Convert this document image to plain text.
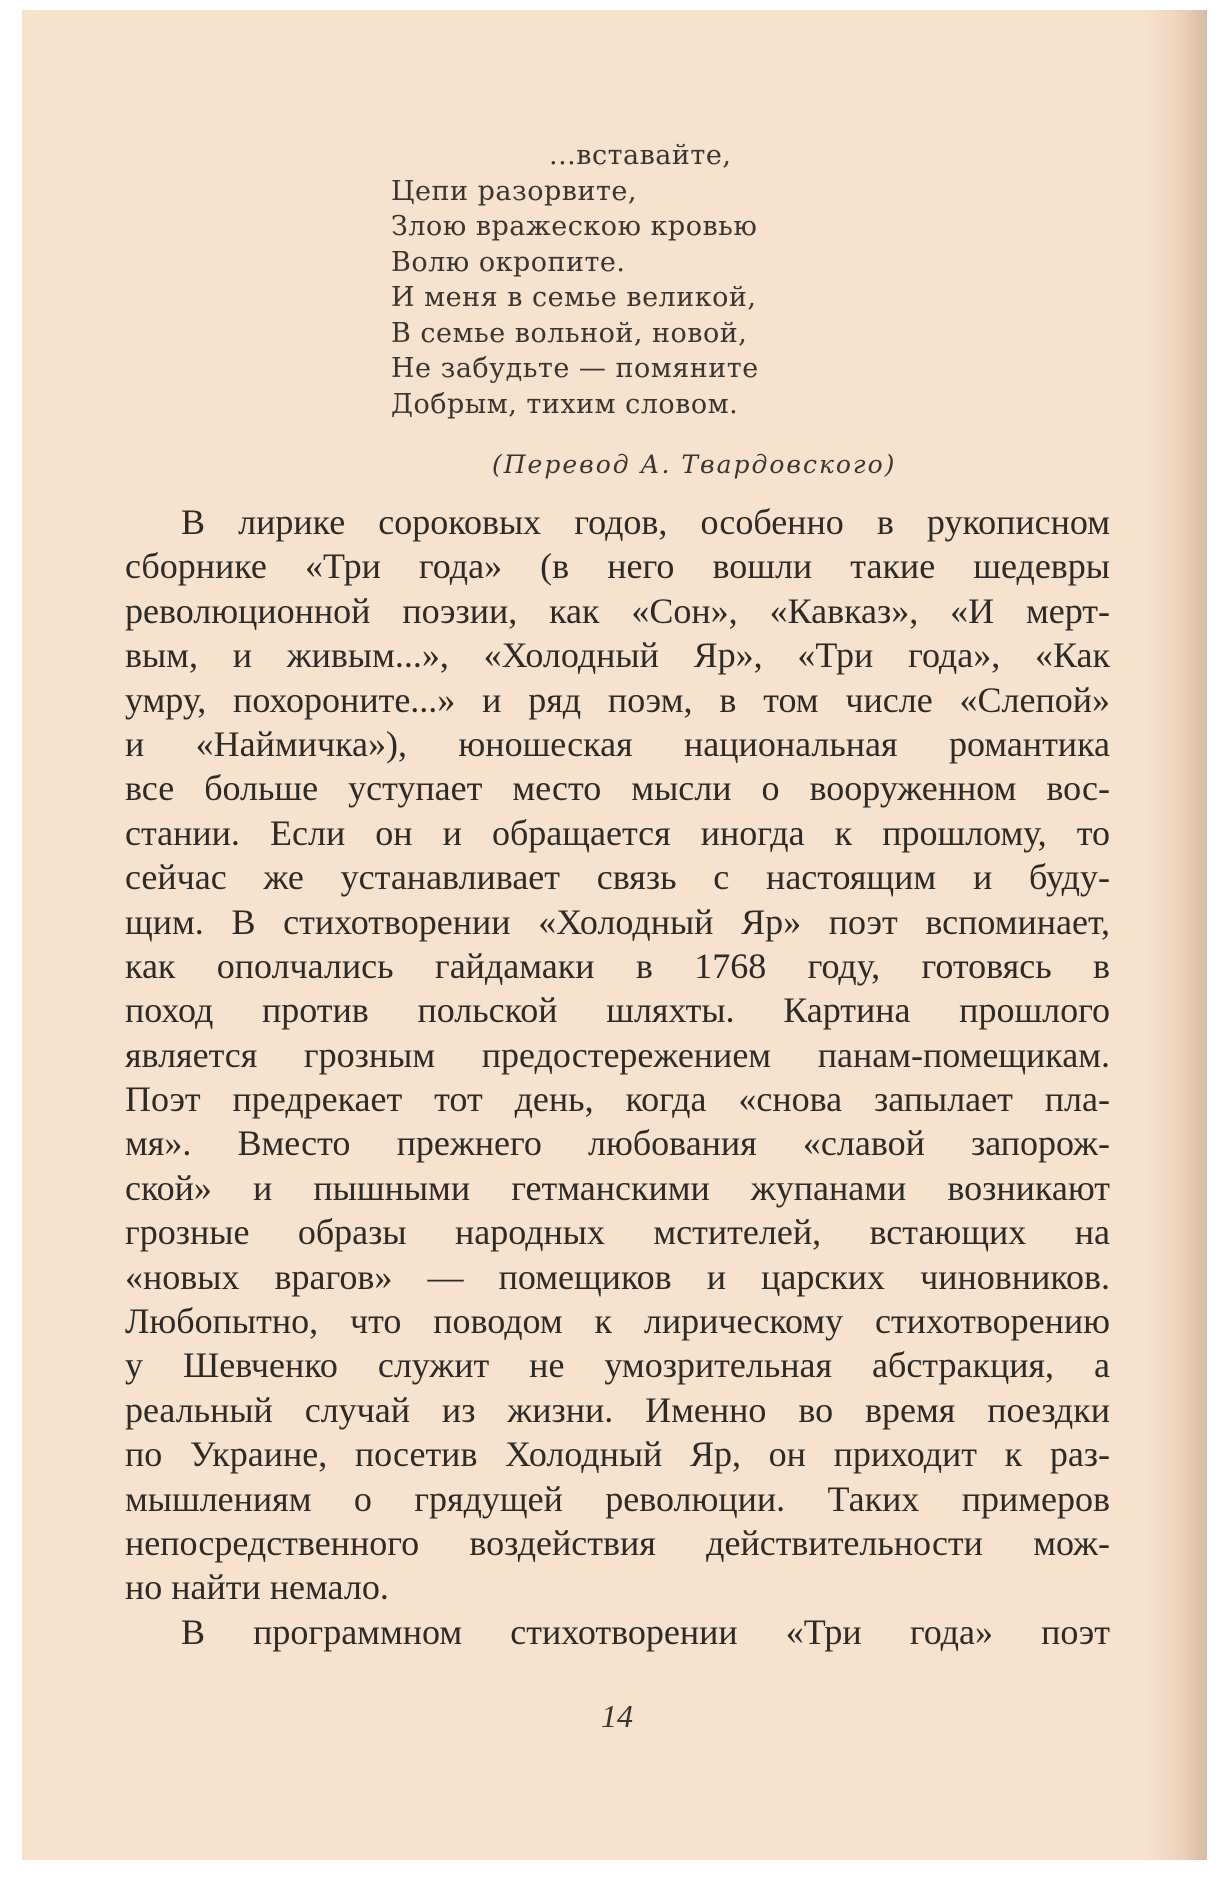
...вставайте,
Цепи разорвите,
Злою вражескою кровью
Волю окропите.
И меня в семье великой,
В семье вольной, новой,
Не забудьте — помяните
Добрым, тихим словом.
(Перевод А. Твардовского)
В лирике сороковых годов, особенно в рукописном
сборнике «Три года» (в него вошли такие шедевры
революционной поэзии, как «Сон», «Кавказ», «И мерт-
вым, и живым...», «Холодный Яр», «Три года», «Как
умру, похороните...» и ряд поэм, в том числе «Слепой»
и «Наймичка»), юношеская национальная романтика
все больше уступает место мысли о вооруженном вос-
стании. Если он и обращается иногда к прошлому, то
сейчас же устанавливает связь с настоящим и буду-
щим. В стихотворении «Холодный Яр» поэт вспоминает,
как ополчались гайдамаки в 1768 году, готовясь в
поход против польской шляхты. Картина прошлого
является грозным предостережением панам-помещикам.
Поэт предрекает тот день, когда «снова запылает пла-
мя». Вместо прежнего любования «славой запорож-
ской» и пышными гетманскими жупанами возникают
грозные образы народных мстителей, встающих на
«новых врагов» — помещиков и царских чиновников.
Любопытно, что поводом к лирическому стихотворению
у Шевченко служит не умозрительная абстракция, а
реальный случай из жизни. Именно во время поездки
по Украине, посетив Холодный Яр, он приходит к раз-
мышлениям о грядущей революции. Таких примеров
непосредственного воздействия действительности мож-
но найти немало.
В программном стихотворении «Три года» поэт
14
